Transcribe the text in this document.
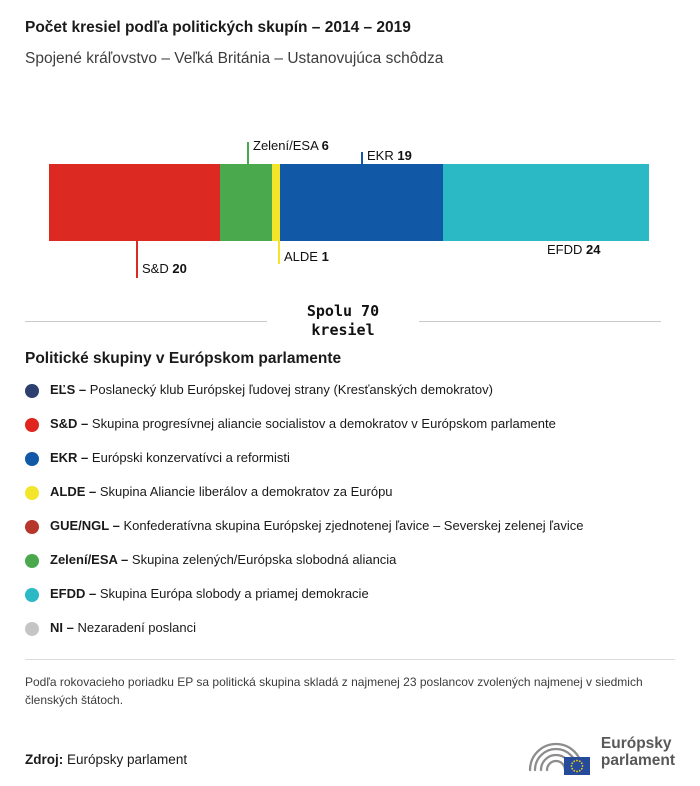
Počet kresiel podľa politických skupín – 2014 – 2019
Spojené kráľovstvo – Veľká Británia – Ustanovujúca schôdza
Zelení/ESA 6
EKR 19
S&D 20
ALDE 1	EFDD 24
Spolu 70
kresiel
Politické skupiny v Európskom parlamente
EĽS – Poslanecký klub Európskej ľudovej strany (Kresťanských demokratov)
S&D – Skupina progresívnej aliancie socialistov a demokratov v Európskom parlamente
EKR – Európski konzervatívci a reformisti
ALDE – Skupina Aliancie liberálov a demokratov za Európu
GUE/NGL – Konfederatívna skupina Európskej zjednotenej ľavice – Severskej zelenej ľavice
Zelení/ESA – Skupina zelených/Európska slobodná aliancia
EFDD – Skupina Európa slobody a priamej demokracie
NI – Nezaradení poslanci
Podľa rokovacieho poriadku EP sa politická skupina skladá z najmenej 23 poslancov zvolených najmenej v siedmich členských štátoch.
Zdroj: Európsky parlament
Európsky
parlament
